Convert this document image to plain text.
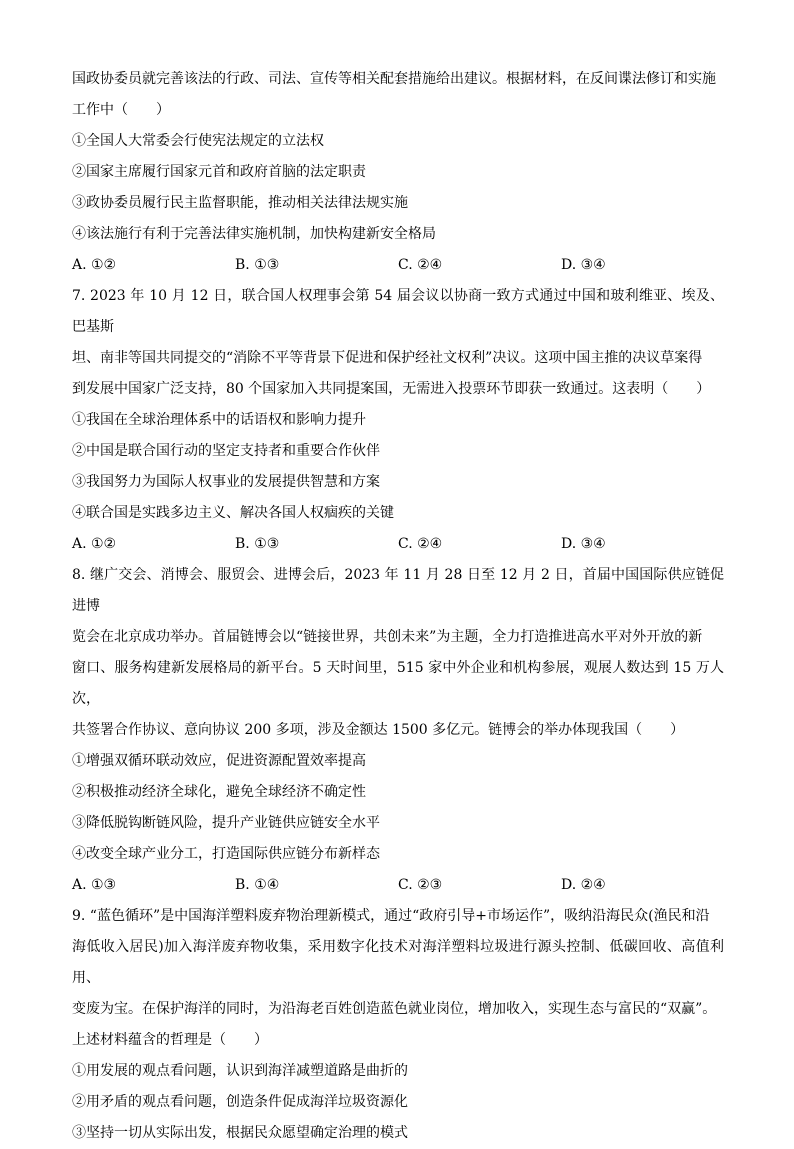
国政协委员就完善该法的行政、司法、宣传等相关配套措施给出建议。根据材料，在反间谍法修订和实施

工作中（　　）

①全国人大常委会行使宪法规定的立法权

②国家主席履行国家元首和政府首脑的法定职责

③政协委员履行民主监督职能，推动相关法律法规实施

④该法施行有利于完善法律实施机制，加快构建新安全格局

A. ①②	B. ①③	C. ②④	D. ③④

7. 2023 年 10 月 12 日，联合国人权理事会第 54 届会议以协商一致方式通过中国和玻利维亚、埃及、巴基斯

坦、南非等国共同提交的“消除不平等背景下促进和保护经社文权利”决议。这项中国主推的决议草案得

到发展中国家广泛支持，80 个国家加入共同提案国，无需进入投票环节即获一致通过。这表明（　　）

①我国在全球治理体系中的话语权和影响力提升

②中国是联合国行动的坚定支持者和重要合作伙伴

③我国努力为国际人权事业的发展提供智慧和方案

④联合国是实践多边主义、解决各国人权痼疾的关键

A. ①②	B. ①③	C. ②④	D. ③④

8. 继广交会、消博会、服贸会、进博会后，2023 年 11 月 28 日至 12 月 2 日，首届中国国际供应链促进博

览会在北京成功举办。首届链博会以“链接世界，共创未来”为主题，全力打造推进高水平对外开放的新

窗口、服务构建新发展格局的新平台。5 天时间里，515 家中外企业和机构参展，观展人数达到 15 万人次，

共签署合作协议、意向协议 200 多项，涉及金额达 1500 多亿元。链博会的举办体现我国（　　）

①增强双循环联动效应，促进资源配置效率提高

②积极推动经济全球化，避免全球经济不确定性

③降低脱钩断链风险，提升产业链供应链安全水平

④改变全球产业分工，打造国际供应链分布新样态

A. ①③	B. ①④	C. ②③	D. ②④

9. “蓝色循环”是中国海洋塑料废弃物治理新模式，通过“政府引导+市场运作”，吸纳沿海民众(渔民和沿

海低收入居民)加入海洋废弃物收集，采用数字化技术对海洋塑料垃圾进行源头控制、低碳回收、高值利用、

变废为宝。在保护海洋的同时，为沿海老百姓创造蓝色就业岗位，增加收入，实现生态与富民的“双赢”。

上述材料蕴含的哲理是（　　）

①用发展的观点看问题，认识到海洋减塑道路是曲折的

②用矛盾的观点看问题，创造条件促成海洋垃圾资源化

③坚持一切从实际出发，根据民众愿望确定治理的模式
